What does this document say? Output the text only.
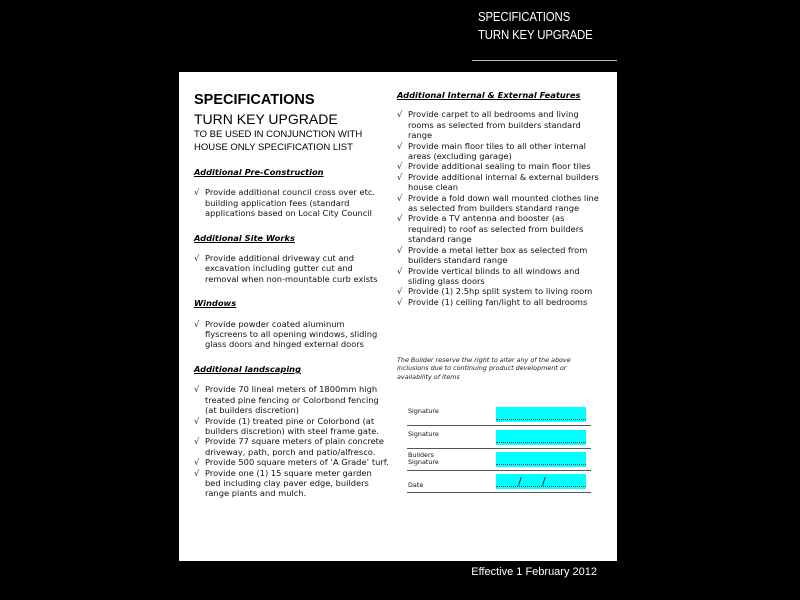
SPECIFICATIONS
TURN KEY UPGRADE
SPECIFICATIONS
TURN KEY UPGRADE
TO BE USED IN CONJUNCTION WITH
HOUSE ONLY SPECIFICATION LIST
Additional Pre-Construction
√ Provide additional council cross over etc. building application fees (standard applications based on Local City Council
Additional Site Works
√ Provide additional driveway cut and excavation including gutter cut and removal when non-mountable curb exists
Windows
√ Provide powder coated aluminum flyscreens to all opening windows, sliding glass doors and hinged external doors
Additional landscaping
√ Provide 70 lineal meters of 1800mm high treated pine fencing or Colorbond fencing (at builders discretion)
√ Provide (1) treated pine or Colorbond (at builders discretion) with steel frame gate.
√ Provide 77 square meters of plain concrete driveway, path, porch and patio/alfresco.
√ Provide 500 square meters of ‘A Grade’ turf.
√ Provide one (1) 15 square meter garden bed including clay paver edge, builders range plants and mulch.
Additional Internal & External Features
√ Provide carpet to all bedrooms and living rooms as selected from builders standard range
√ Provide main floor tiles to all other internal areas (excluding garage)
√ Provide additional sealing to main floor tiles
√ Provide additional internal & external builders house clean
√ Provide a fold down wall mounted clothes line as selected from builders standard range
√ Provide a TV antenna and booster (as required) to roof as selected from builders standard range
√ Provide a metal letter box as selected from builders standard range
√ Provide vertical blinds to all windows and sliding glass doors
√ Provide (1) 2.5hp split system to living room
√ Provide (1) ceiling fan/light to all bedrooms
The Builder reserve the right to alter any of the above inclusions due to continuing product development or availability of items
Signature
Signature
Builders
Signature
Date	/ /
Effective 1 February 2012
